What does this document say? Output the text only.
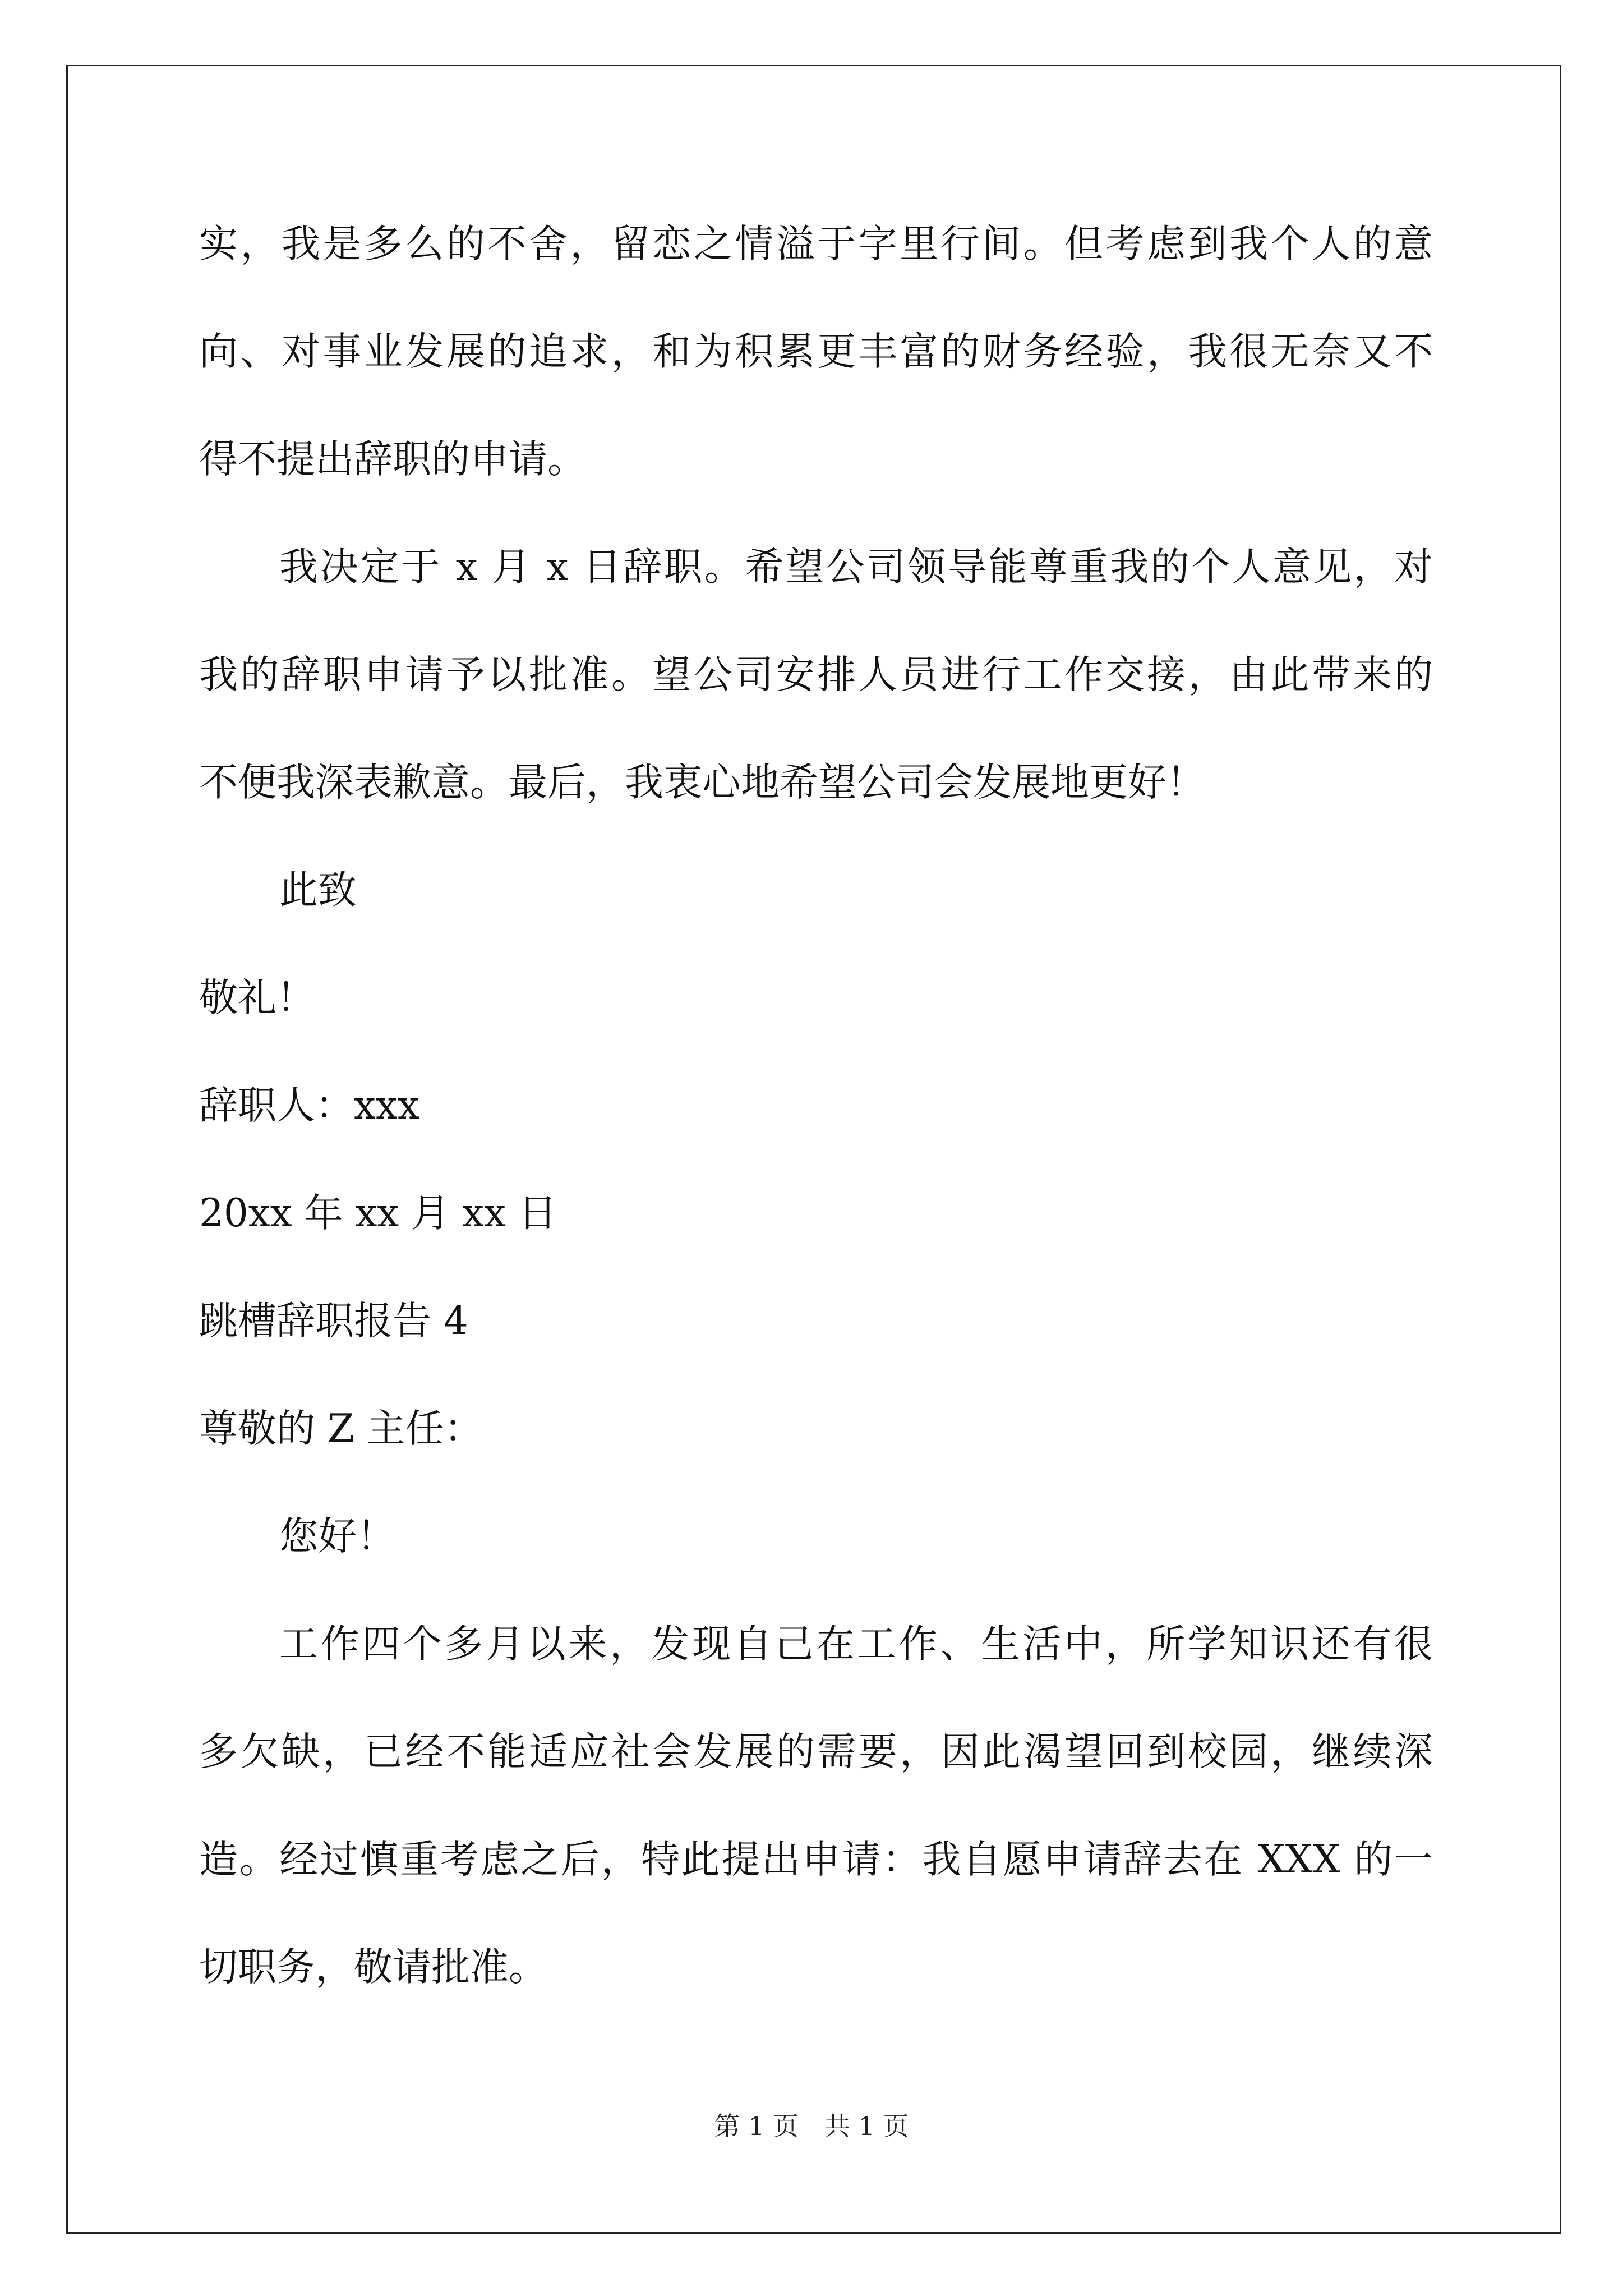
实，我是多么的不舍，留恋之情溢于字里行间。但考虑到我个人的意
向、对事业发展的追求，和为积累更丰富的财务经验，我很无奈又不
得不提出辞职的申请。
我决定于 x 月 x 日辞职。希望公司领导能尊重我的个人意见，对
我的辞职申请予以批准。望公司安排人员进行工作交接，由此带来的
不便我深表歉意。最后，我衷心地希望公司会发展地更好！
此致
敬礼！
辞职人：xxx
20xx 年 xx 月 xx 日
跳槽辞职报告 4
尊敬的 Z 主任：
您好！
工作四个多月以来，发现自己在工作、生活中，所学知识还有很
多欠缺，已经不能适应社会发展的需要，因此渴望回到校园，继续深
造。经过慎重考虑之后，特此提出申请：我自愿申请辞去在 XXX 的一
切职务，敬请批准。
第 1 页　共 1 页
